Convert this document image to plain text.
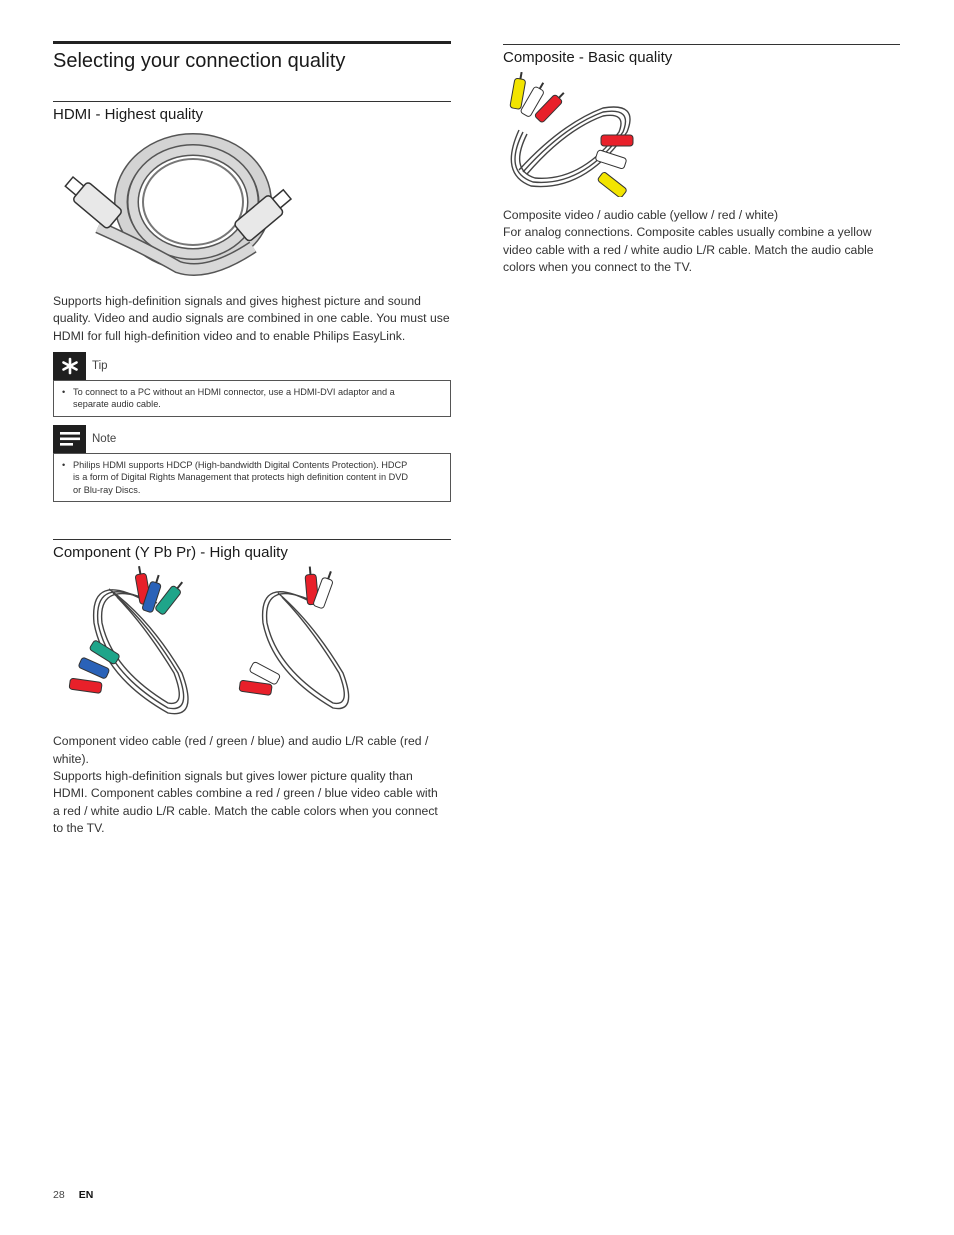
Selecting your connection quality
HDMI - Highest quality

Supports high-definition signals and gives highest picture and sound

quality. Video and audio signals are combined in one cable. You must use

HDMI for full high-definition video and to enable Philips EasyLink.

Tip
• To connect to a PC without an HDMI connector, use a HDMI-DVI adaptor and a
separate audio cable.
Note
• Philips HDMI supports HDCP (High-bandwidth Digital Contents Protection). HDCP
is a form of Digital Rights Management that protects high definition content in DVD
or Blu-ray Discs.
Component (Y Pb Pr) - High quality

Component video cable (red / green / blue) and audio L/R cable (red / white).

Supports high-definition signals but gives lower picture quality than

HDMI. Component cables combine a red / green / blue video cable with

a red / white audio L/R cable. Match the cable colors when you connect

to the TV.

Composite - Basic quality

Composite video / audio cable (yellow / red / white)

For analog connections. Composite cables usually combine a yellow

video cable with a red / white audio L/R cable. Match the audio cable

colors when you connect to the TV.

28 EN
